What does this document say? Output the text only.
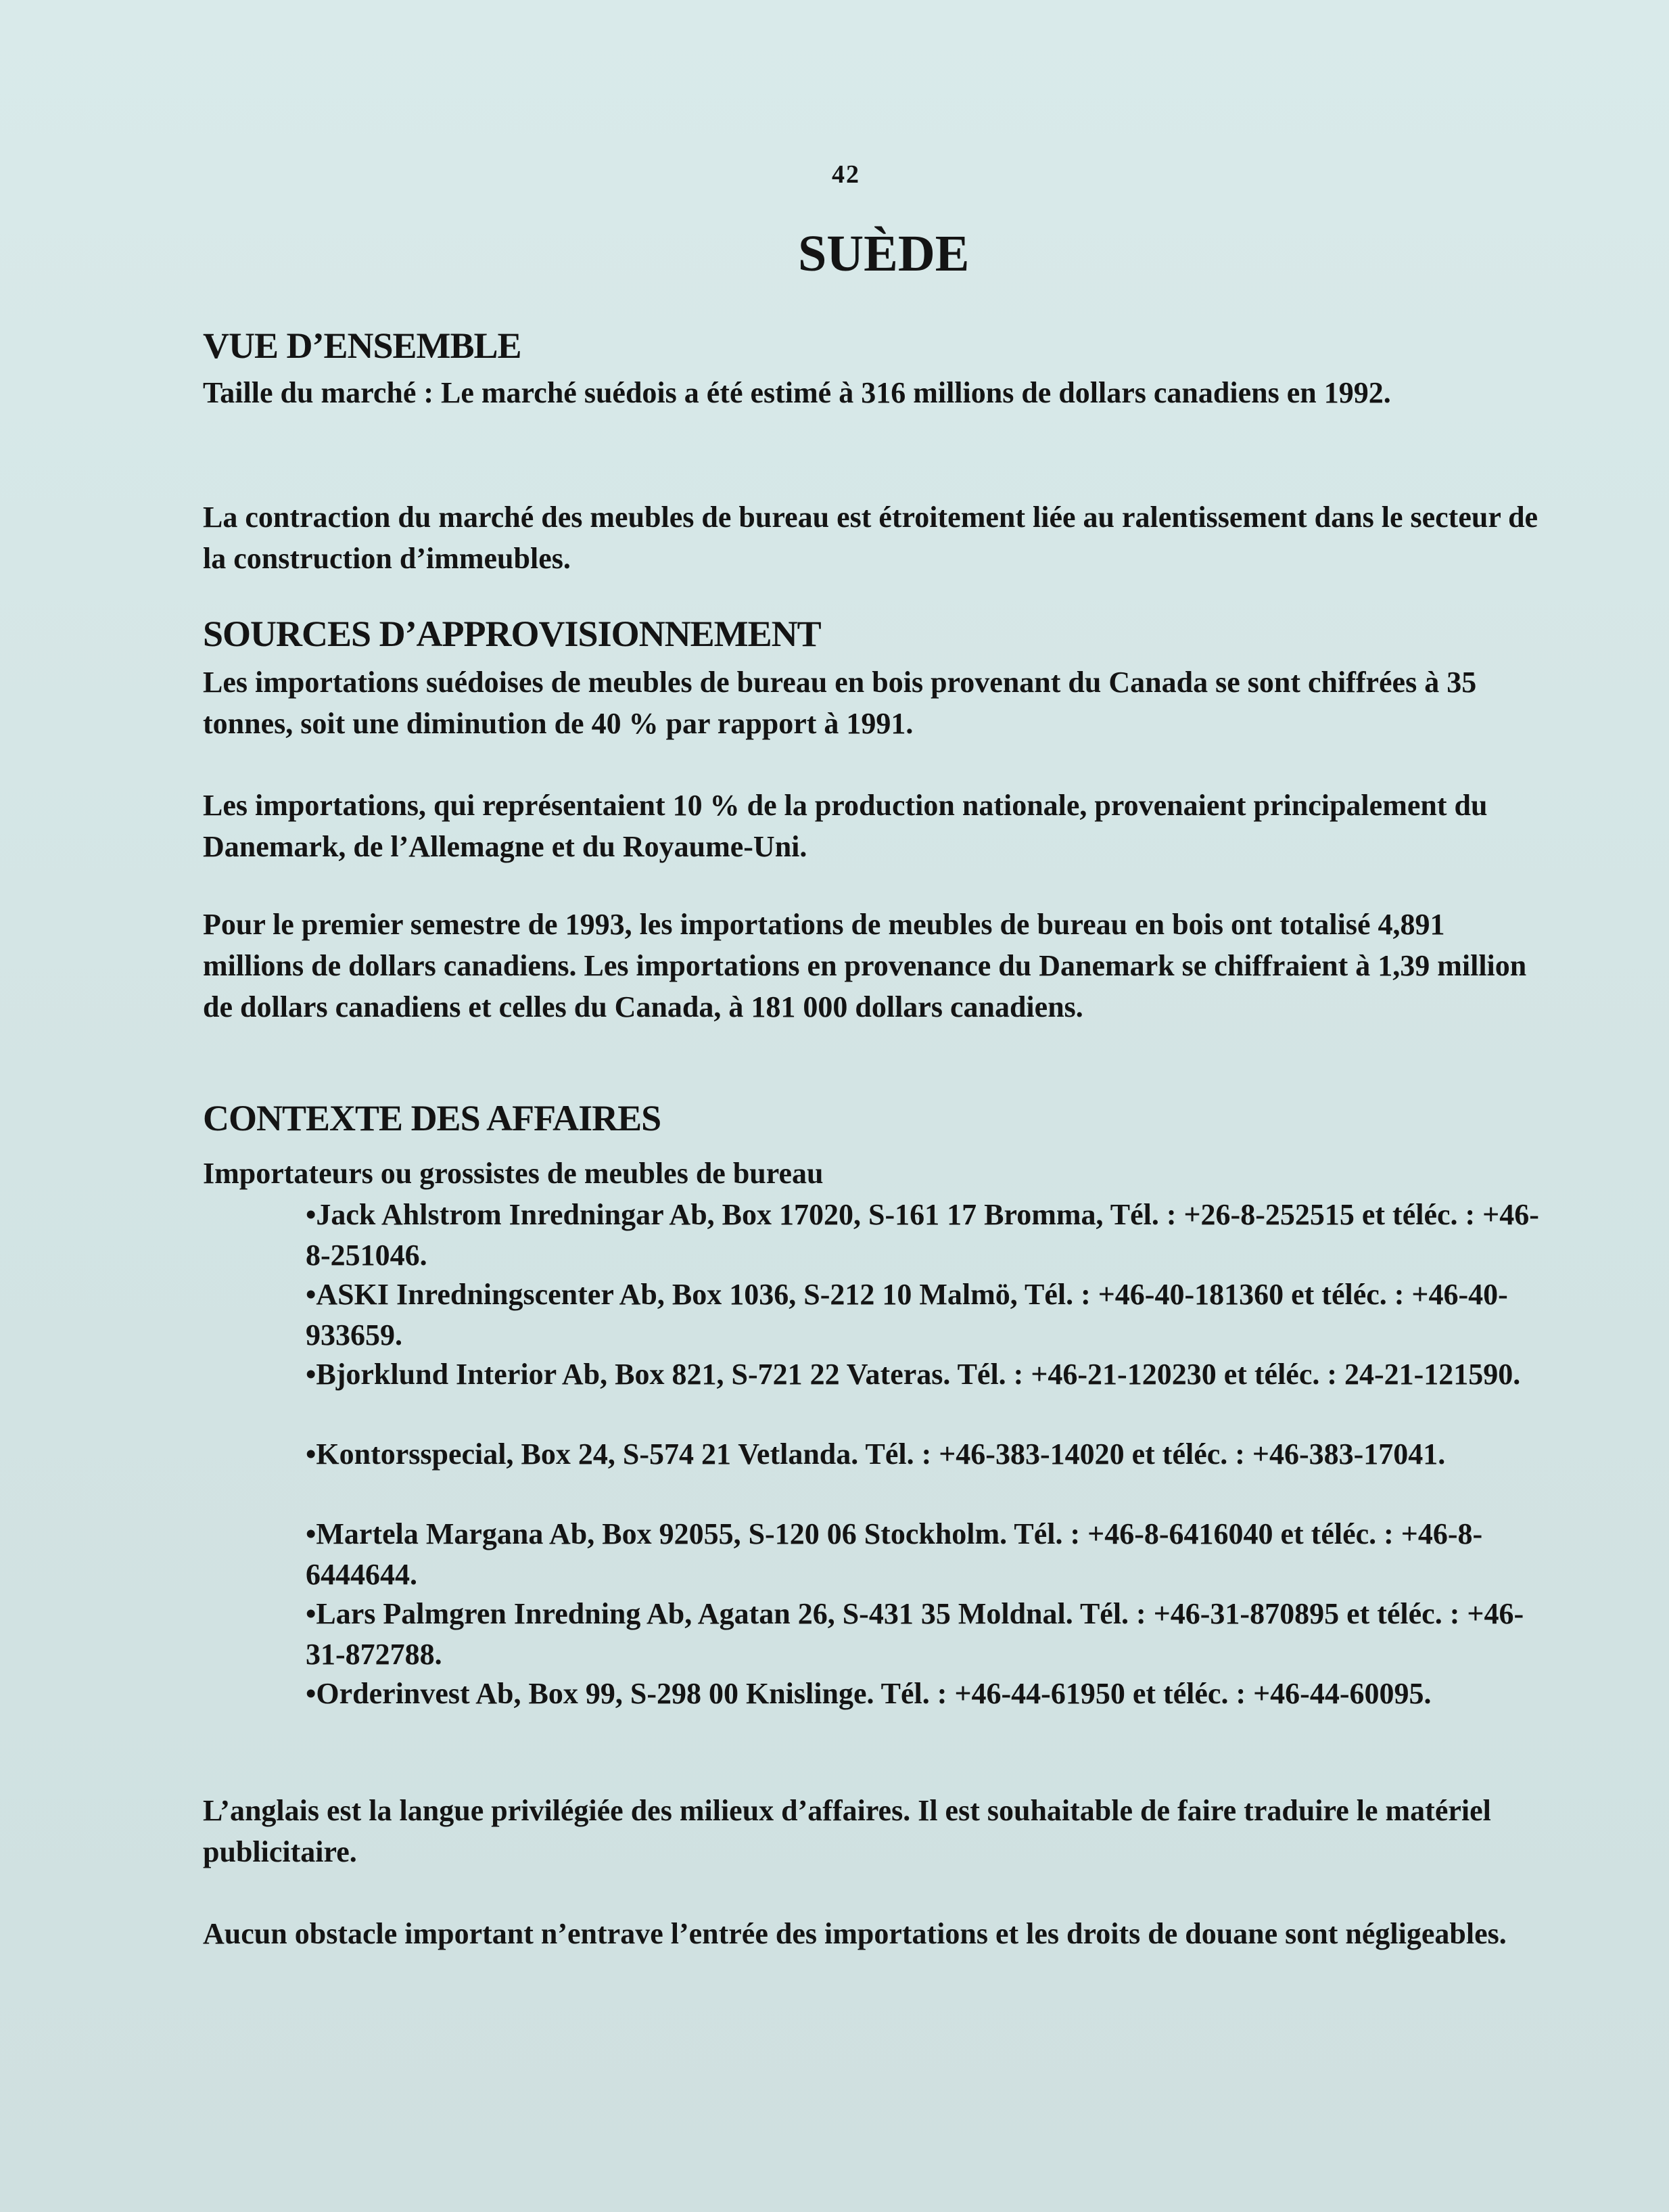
42
SUÈDE
VUE D’ENSEMBLE

Taille du marché : Le marché suédois a été estimé à 316 millions de dollars canadiens en 1992.

La contraction du marché des meubles de bureau est étroitement liée au ralentissement dans le secteur de la construction d’immeubles.

SOURCES D’APPROVISIONNEMENT

Les importations suédoises de meubles de bureau en bois provenant du Canada se sont chiffrées à 35 tonnes, soit une diminution de 40 % par rapport à 1991.

Les importations, qui représentaient 10 % de la production nationale, provenaient principalement du Danemark, de l’Allemagne et du Royaume-Uni.

Pour le premier semestre de 1993, les importations de meubles de bureau en bois ont totalisé 4,891 millions de dollars canadiens. Les importations en provenance du Danemark se chiffraient à 1,39 million de dollars canadiens et celles du Canada, à 181 000 dollars canadiens.

CONTEXTE DES AFFAIRES
Importateurs ou grossistes de meubles de bureau
•Jack Ahlstrom Inredningar Ab, Box 17020, S-161 17 Bromma, Tél. : +26-8-252515 et téléc. : +46-8-251046.
•ASKI Inredningscenter Ab, Box 1036, S-212 10 Malmö, Tél. : +46-40-181360 et téléc. : +46-40-933659.
•Bjorklund Interior Ab, Box 821, S-721 22 Vateras. Tél. : +46-21-120230 et téléc. : 24-21-121590.
•Kontorsspecial, Box 24, S-574 21 Vetlanda. Tél. : +46-383-14020 et téléc. : +46-383-17041.
•Martela Margana Ab, Box 92055, S-120 06 Stockholm. Tél. : +46-8-6416040 et téléc. : +46-8-6444644.
•Lars Palmgren Inredning Ab, Agatan 26, S-431 35 Moldnal. Tél. : +46-31-870895 et téléc. : +46-31-872788.
•Orderinvest Ab, Box 99, S-298 00 Knislinge. Tél. : +46-44-61950 et téléc. : +46-44-60095.

L’anglais est la langue privilégiée des milieux d’affaires. Il est souhaitable de faire traduire le matériel publicitaire.

Aucun obstacle important n’entrave l’entrée des importations et les droits de douane sont négligeables.
